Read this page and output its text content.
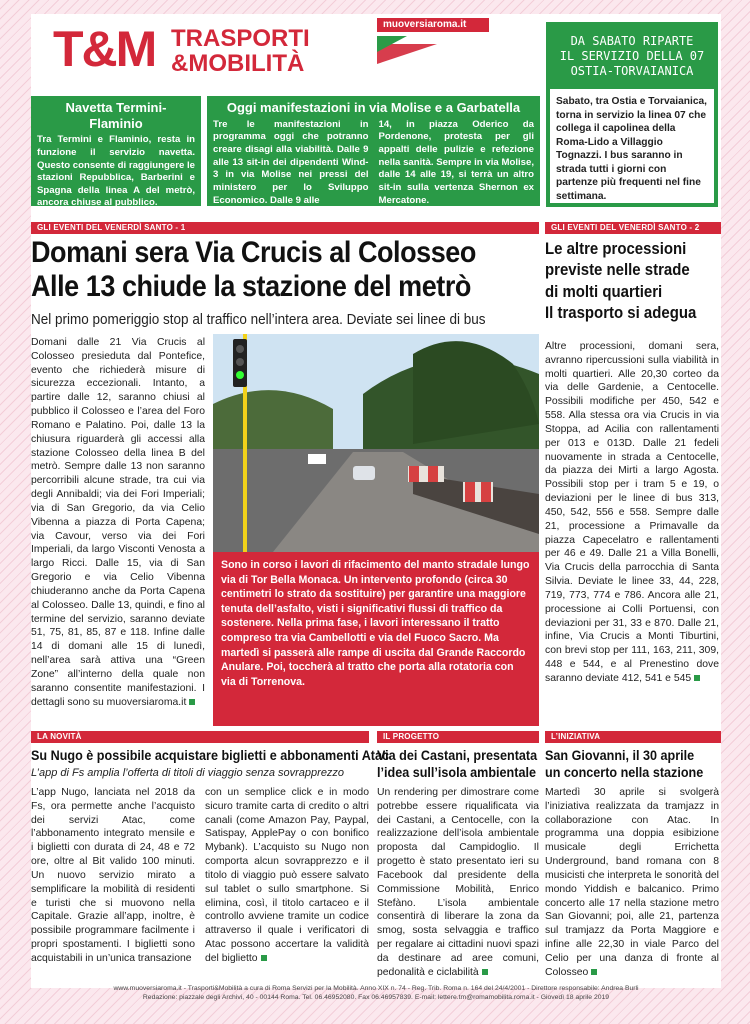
T&M TRASPORTI
&MOBILITÀ
muoversiaroma.it
DA SABATO RIPARTE
IL SERVIZIO DELLA 07
OSTIA-TORVAIANICA
Sabato, tra Ostia e Torvaianica, torna in servizio la linea 07 che collega il capolinea della Roma-Lido a Villaggio Tognazzi. I bus saranno in strada tutti i giorni con partenze più frequenti nel fine settimana.
Navetta Termini-Flaminio

Tra Termini e Flaminio, resta in funzione il servizio navetta. Questo consente di raggiungere le stazioni Repubblica, Barberini e Spagna della linea A del metrò, ancora chiuse al pubblico.

Oggi manifestazioni in via Molise e a Garbatella

Tre le manifestazioni in programma oggi che potranno creare disagi alla viabilità. Dalle 9 alle 13 sit-in dei dipendenti Wind-3 in via Molise nei pressi del ministero per lo Sviluppo Economico. Dalle 9 alle

14, in piazza Oderico da Pordenone, protesta per gli appalti delle pulizie e refezione nella sanità. Sempre in via Molise, dalle 14 alle 19, si terrà un altro sit-in sulla vertenza Shernon ex Mercatone.

GLI EVENTI DEL VENERDÌ SANTO - 1
Domani sera Via Crucis al Colosseo
Alle 13 chiude la stazione del metrò
Nel primo pomeriggio stop al traffico nell’intera area. Deviate sei linee di bus
Domani dalle 21 Via Crucis al Colosseo presieduta dal Pontefice, evento che richiederà misure di sicurezza eccezionali. Intanto, a partire dalle 12, saranno chiusi al pubblico il Colosseo e l’area del Foro Romano e Palatino. Poi, dalle 13 la chiusura riguarderà gli accessi alla stazione Colosseo della linea B del metrò. Sempre dalle 13 non saranno percorribili alcune strade, tra cui via degli Annibaldi; via dei Fori Imperiali; via di San Gregorio, da via Celio Vibenna a piazza di Porta Capena; via Cavour, verso via dei Fori Imperiali, da largo Visconti Venosta a largo Ricci. Dalle 15, via di San Gregorio e via Celio Vibenna chiuderanno anche da Porta Capena al Colosseo. Dalle 13, quindi, e fino al termine del servizio, saranno deviate 51, 75, 81, 85, 87 e 118. Infine dalle 14 di domani alle 15 di lunedì, nell’area sarà attiva una “Green Zone” all’interno della quale non saranno consentite manifestazioni. I dettagli sono su muoversiaroma.it
Sono in corso i lavori di rifacimento del manto stradale lungo via di Tor Bella Monaca. Un intervento profondo (circa 30 centimetri lo strato da sostituire) per garantire una maggiore tenuta dell’asfalto, visti i significativi flussi di traffico da sostenere. Nella prima fase, i lavori interessano il tratto compreso tra via Cambellotti e via del Fuoco Sacro. Ma martedì si passerà alle rampe di uscita dal Grande Raccordo Anulare. Poi, toccherà al tratto che porta alla rotatoria con via di Torrenova.
GLI EVENTI DEL VENERDÌ SANTO - 2
Le altre processioni
previste nelle strade
di molti quartieri
Il trasporto si adegua
Altre processioni, domani sera, avranno ripercussioni sulla viabilità in molti quartieri. Alle 20,30 corteo da via delle Gardenie, a Centocelle. Possibili modifiche per 450, 542 e 558. Alla stessa ora via Crucis in via Stoppa, ad Acilia con rallentamenti per 013 e 013D. Dalle 21 fedeli nuovamente in strada a Centocelle, da piazza dei Mirti a largo Agosta. Possibili stop per i tram 5 e 19, o deviazioni per le linee di bus 313, 450, 542, 556 e 558. Sempre dalle 21, processione a Primavalle da piazza Capecelatro e rallentamenti per 46 e 49. Dalle 21 a Villa Bonelli, Via Crucis della parrocchia di Santa Silvia. Deviate le linee 33, 44, 228, 719, 773, 774 e 786. Ancora alle 21, processione ai Colli Portuensi, con deviazioni per 31, 33 e 870. Dalle 21, infine, Via Crucis a Monti Tiburtini, con brevi stop per 111, 163, 211, 309, 448 e 544, e al Prenestino dove saranno deviate 412, 541 e 545
LA NOVITÀ
Su Nugo è possibile acquistare biglietti e abbonamenti Atac
L’app di Fs amplia l’offerta di titoli di viaggio senza sovrapprezzo
L’app Nugo, lanciata nel 2018 da Fs, ora permette anche l’acquisto dei servizi Atac, come l’abbonamento integrato mensile e i biglietti con durata di 24, 48 e 72 ore, oltre al Bit valido 100 minuti. Un nuovo servizio mirato a semplificare la mobilità di residenti e turisti che si muovono nella Capitale. Grazie all’app, inoltre, è possibile programmare facilmente i propri spostamenti. I biglietti sono acquistabili in un’unica transazione
con un semplice click e in modo sicuro tramite carta di credito o altri canali (come Amazon Pay, Paypal, Satispay, ApplePay o con bonifico Mybank). L’acquisto su Nugo non comporta alcun sovrapprezzo e il titolo di viaggio può essere salvato sul tablet o sullo smartphone. Si elimina, così, il titolo cartaceo e il controllo avviene tramite un codice attraverso il quale i verificatori di Atac possono accertare la validità del biglietto
IL PROGETTO
Via dei Castani, presentata
l’idea sull’isola ambientale
Un rendering per dimostrare come potrebbe essere riqualificata via dei Castani, a Centocelle, con la realizzazione dell’isola ambientale proposta dal Campidoglio. Il progetto è stato presentato ieri su Facebook dal presidente della Commissione Mobilità, Enrico Stefàno. L’isola ambientale consentirà di liberare la zona da smog, sosta selvaggia e traffico per regalare ai cittadini nuovi spazi da destinare ad aree comuni, pedonalità e ciclabilità
L’INIZIATIVA
San Giovanni, il 30 aprile
un concerto nella stazione
Martedì 30 aprile si svolgerà l’iniziativa realizzata da tramjazz in collaborazione con Atac. In programma una doppia esibizione musicale degli Errichetta Underground, band romana con 8 musicisti che interpreta le sonorità del mondo Yiddish e balcanico. Primo concerto alle 17 nella stazione metro San Giovanni; poi, alle 21, partenza sul tramjazz da Porta Maggiore e infine alle 22,30 in viale Parco del Celio per una danza di fronte al Colosseo
www.muoversiaroma.it - Trasporti&Mobilità a cura di Roma Servizi per la Mobilità. Anno XIX n. 74 - Reg. Trib. Roma n. 164 del 24/4/2001 - Direttore responsabile: Andrea Burli
Redazione: piazzale degli Archivi, 40 - 00144 Roma. Tel. 06.46952080. Fax 06.46957839. E-mail: lettere.tm@romamobilita.roma.it - Giovedì 18 aprile 2019
